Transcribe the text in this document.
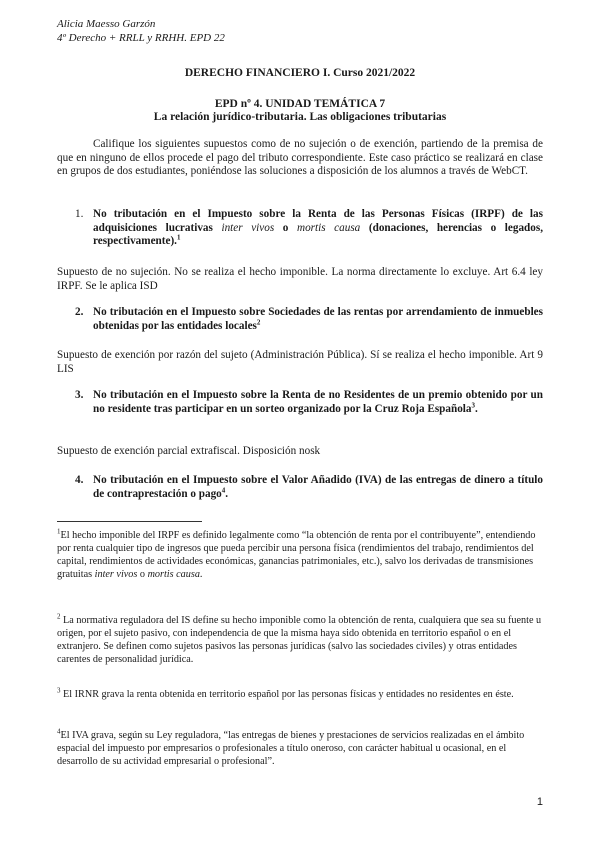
Alicia Maesso Garzón
4º Derecho + RRLL y RRHH. EPD 22
DERECHO FINANCIERO I. Curso 2021/2022
EPD nº 4. UNIDAD TEMÁTICA 7
La relación jurídico-tributaria. Las obligaciones tributarias
Califique los siguientes supuestos como de no sujeción o de exención, partiendo de la premisa de que en ninguno de ellos procede el pago del tributo correspondiente. Este caso práctico se realizará en clase en grupos de dos estudiantes, poniéndose las soluciones a disposición de los alumnos a través de WebCT.
1. No tributación en el Impuesto sobre la Renta de las Personas Físicas (IRPF) de las adquisiciones lucrativas inter vivos o mortis causa (donaciones, herencias o legados, respectivamente).$^1$
Supuesto de no sujeción. No se realiza el hecho imponible. La norma directamente lo excluye. Art 6.4 ley IRPF. Se le aplica ISD
2. No tributación en el Impuesto sobre Sociedades de las rentas por arrendamiento de inmuebles obtenidas por las entidades locales$^2$
Supuesto de exención por razón del sujeto (Administración Pública). Sí se realiza el hecho imponible. Art 9 LIS
3. No tributación en el Impuesto sobre la Renta de no Residentes de un premio obtenido por un no residente tras participar en un sorteo organizado por la Cruz Roja Española$^3$.
Supuesto de exención parcial extrafiscal. Disposición nosk
4. No tributación en el Impuesto sobre el Valor Añadido (IVA) de las entregas de dinero a título de contraprestación o pago$^4$.
$^1$El hecho imponible del IRPF es definido legalmente como “la obtención de renta por el contribuyente”, entendiendo por renta cualquier tipo de ingresos que pueda percibir una persona física (rendimientos del trabajo, rendimientos del capital, rendimientos de actividades económicas, ganancias patrimoniales, etc.), salvo los derivadas de transmisiones gratuitas inter vivos o mortis causa.
$^2$ La normativa reguladora del IS define su hecho imponible como la obtención de renta, cualquiera que sea su fuente u origen, por el sujeto pasivo, con independencia de que la misma haya sido obtenida en territorio español o en el extranjero. Se definen como sujetos pasivos las personas jurídicas (salvo las sociedades civiles) y otras entidades carentes de personalidad jurídica.
$^3$ El IRNR grava la renta obtenida en territorio español por las personas físicas y entidades no residentes en éste.
$^4$El IVA grava, según su Ley reguladora, “las entregas de bienes y prestaciones de servicios realizadas en el ámbito espacial del impuesto por empresarios o profesionales a título oneroso, con carácter habitual u ocasional, en el desarrollo de su actividad empresarial o profesional”.
1
